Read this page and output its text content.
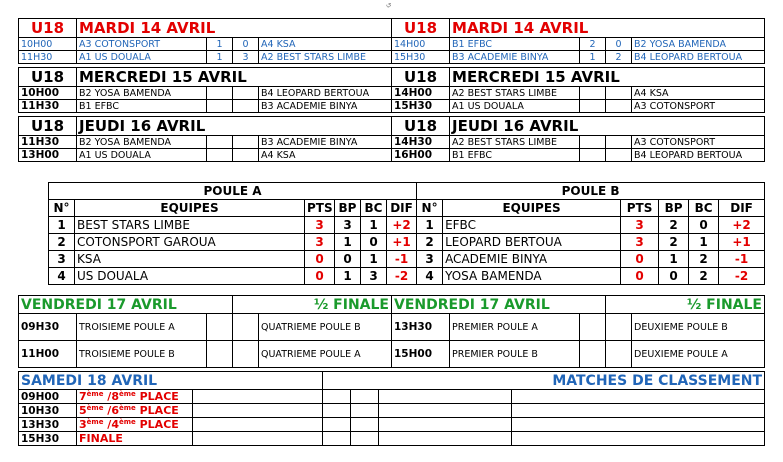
ي
U18	MARDI 14 AVRIL				U18	MARDI 14 AVRIL			
10H00	A3 COTONSPORT	1	0	A4 KSA	14H00	B1 EFBC	2	0	B2 YOSA BAMENDA
11H30	A1 US DOUALA	1	3	A2 BEST STARS LIMBE	15H30	B3 ACADEMIE BINYA	1	2	B4 LEOPARD BERTOUA
U18	MERCREDI 15 AVRIL				U18	MERCREDI 15 AVRIL			
10H00	B2 YOSA BAMENDA			B4 LEOPARD BERTOUA	14H00	A2 BEST STARS LIMBE			A4 KSA
11H30	B1 EFBC			B3 ACADEMIE BINYA	15H30	A1 US DOUALA			A3 COTONSPORT
U18	JEUDI 16 AVRIL				U18	JEUDI 16 AVRIL			
11H30	B2 YOSA BAMENDA			B3 ACADEMIE BINYA	14H30	A2 BEST STARS LIMBE			A3 COTONSPORT
13H00	A1 US DOUALA			A4 KSA	16H00	B1 EFBC			B4 LEOPARD BERTOUA
POULE A						POULE B					
N°	EQUIPES	PTS	BP	BC	DIF	N°	EQUIPES	PTS	BP	BC	DIF
1	BEST STARS LIMBE	3	3	1	+2	1	EFBC	3	2	0	+2
2	COTONSPORT GAROUA	3	1	0	+1	2	LEOPARD BERTOUA	3	2	1	+1
3	KSA	0	0	1	-1	3	ACADEMIE BINYA	0	1	2	-1
4	US DOUALA	0	1	3	-2	4	YOSA BAMENDA	0	0	2	-2
VENDREDI 17 AVRIL			½ FINALE		VENDREDI 17 AVRIL			½ FINALE	
09H30	TROISIEME POULE A			QUATRIEME POULE B	13H30	PREMIER POULE A			DEUXIEME POULE B
11H00	TROISIEME POULE B			QUATRIEME POULE A	15H00	PREMIER POULE B			DEUXIEME POULE A
SAMEDI 18 AVRIL			MATCHES DE CLASSEMENT			
09H00	7ème /8ème PLACE					
10H30	5ème /6ème PLACE					
13H30	3ème /4ème PLACE					
15H30	FINALE					
